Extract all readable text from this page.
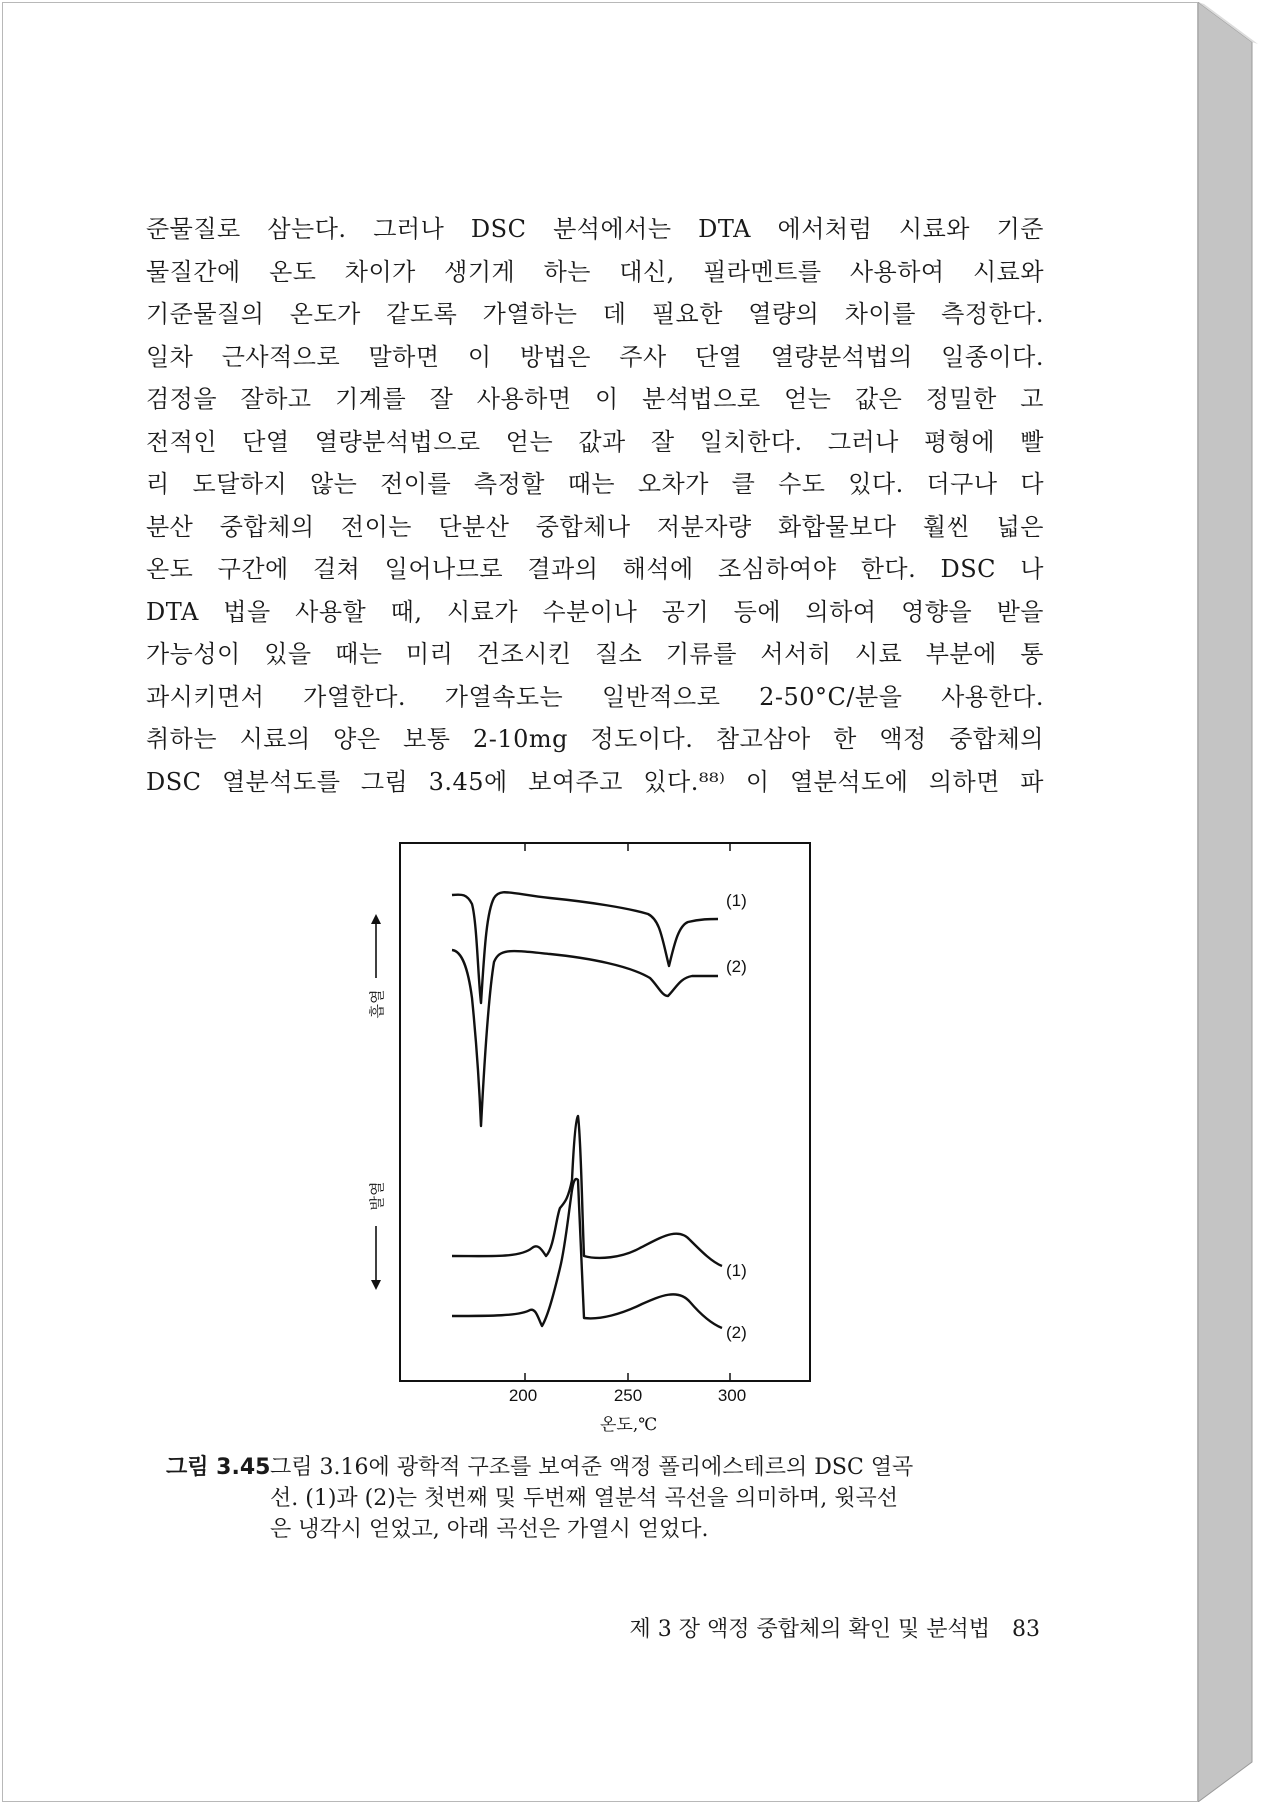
준물질로 삼는다. 그러나 DSC 분석에서는 DTA 에서처럼 시료와 기준
물질간에 온도 차이가 생기게 하는 대신, 필라멘트를 사용하여 시료와
기준물질의 온도가 같도록 가열하는 데 필요한 열량의 차이를 측정한다.
일차 근사적으로 말하면 이 방법은 주사 단열 열량분석법의 일종이다.
검정을 잘하고 기계를 잘 사용하면 이 분석법으로 얻는 값은 정밀한 고
전적인 단열 열량분석법으로 얻는 값과 잘 일치한다. 그러나 평형에 빨
리 도달하지 않는 전이를 측정할 때는 오차가 클 수도 있다. 더구나 다
분산 중합체의 전이는 단분산 중합체나 저분자량 화합물보다 훨씬 넓은
온도 구간에 걸쳐 일어나므로 결과의 해석에 조심하여야 한다. DSC 나
DTA 법을 사용할 때, 시료가 수분이나 공기 등에 의하여 영향을 받을
가능성이 있을 때는 미리 건조시킨 질소 기류를 서서히 시료 부분에 통
과시키면서 가열한다. 가열속도는 일반적으로 2-50°C/분을 사용한다.
취하는 시료의 양은 보통 2-10mg 정도이다. 참고삼아 한 액정 중합체의
DSC 열분석도를 그림 3.45에 보여주고 있다.⁸⁸⁾ 이 열분석도에 의하면 파
200	250	300
(1)
(2)
(1)
(2)
흡열
발열
온도,℃
그림 3.45그림 3.16에 광학적 구조를 보여준 액정 폴리에스테르의 DSC 열곡
선. (1)과 (2)는 첫번째 및 두번째 열분석 곡선을 의미하며, 윗곡선
은 냉각시 얻었고, 아래 곡선은 가열시 얻었다.
제 3 장 액정 중합체의 확인 및 분석법 83
